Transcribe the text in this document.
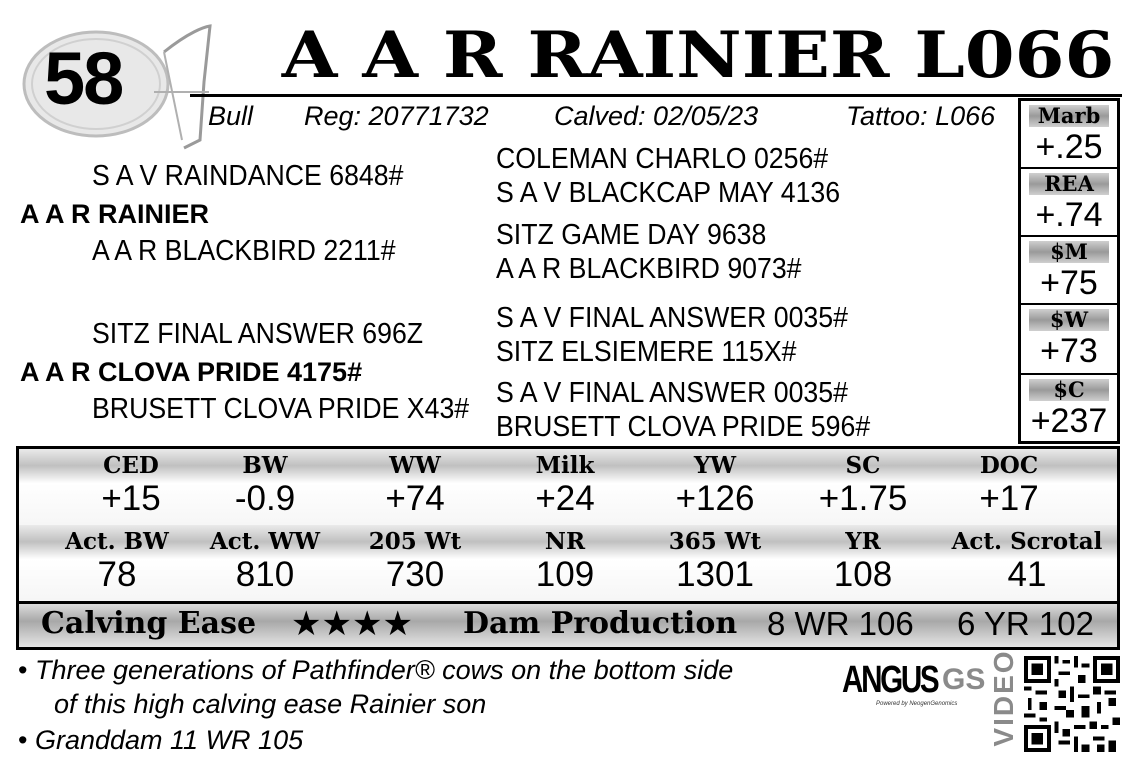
58 A A R RAINIER L066
Bull Reg: 20771732 Calved: 02/05/23	Tattoo: L066	Marb
+.25
REA
+.74
$M
+75
$W
+73
$C
+237
S A V RAINDANCE 6848#
A A R RAINIER
A A R BLACKBIRD 2211#
COLEMAN CHARLO 0256#
S A V BLACKCAP MAY 4136
SITZ GAME DAY 9638
A A R BLACKBIRD 9073#
SITZ FINAL ANSWER 696Z
A A R CLOVA PRIDE 4175#
BRUSETT CLOVA PRIDE X43#
S A V FINAL ANSWER 0035#
SITZ ELSIEMERE 115X#
S A V FINAL ANSWER 0035#
BRUSETT CLOVA PRIDE 596#
CED
+15
BW
-0.9
WW
+74
Milk
+24
YW
+126
SC
+1.75
DOC
+17
Act. BW
78
Act. WW
810
205 Wt
730
NR
109
365 Wt
1301
YR
108
Act. Scrotal
41
Calving Ease ★★★★ Dam Production 8 WR 106 6 YR 102
• Three generations of Pathfinder® cows on the bottom side
of this high calving ease Rainier son
• Granddam 11 WR 105
ANGUS GS
Powered by NeogenGenomics VIDEO
